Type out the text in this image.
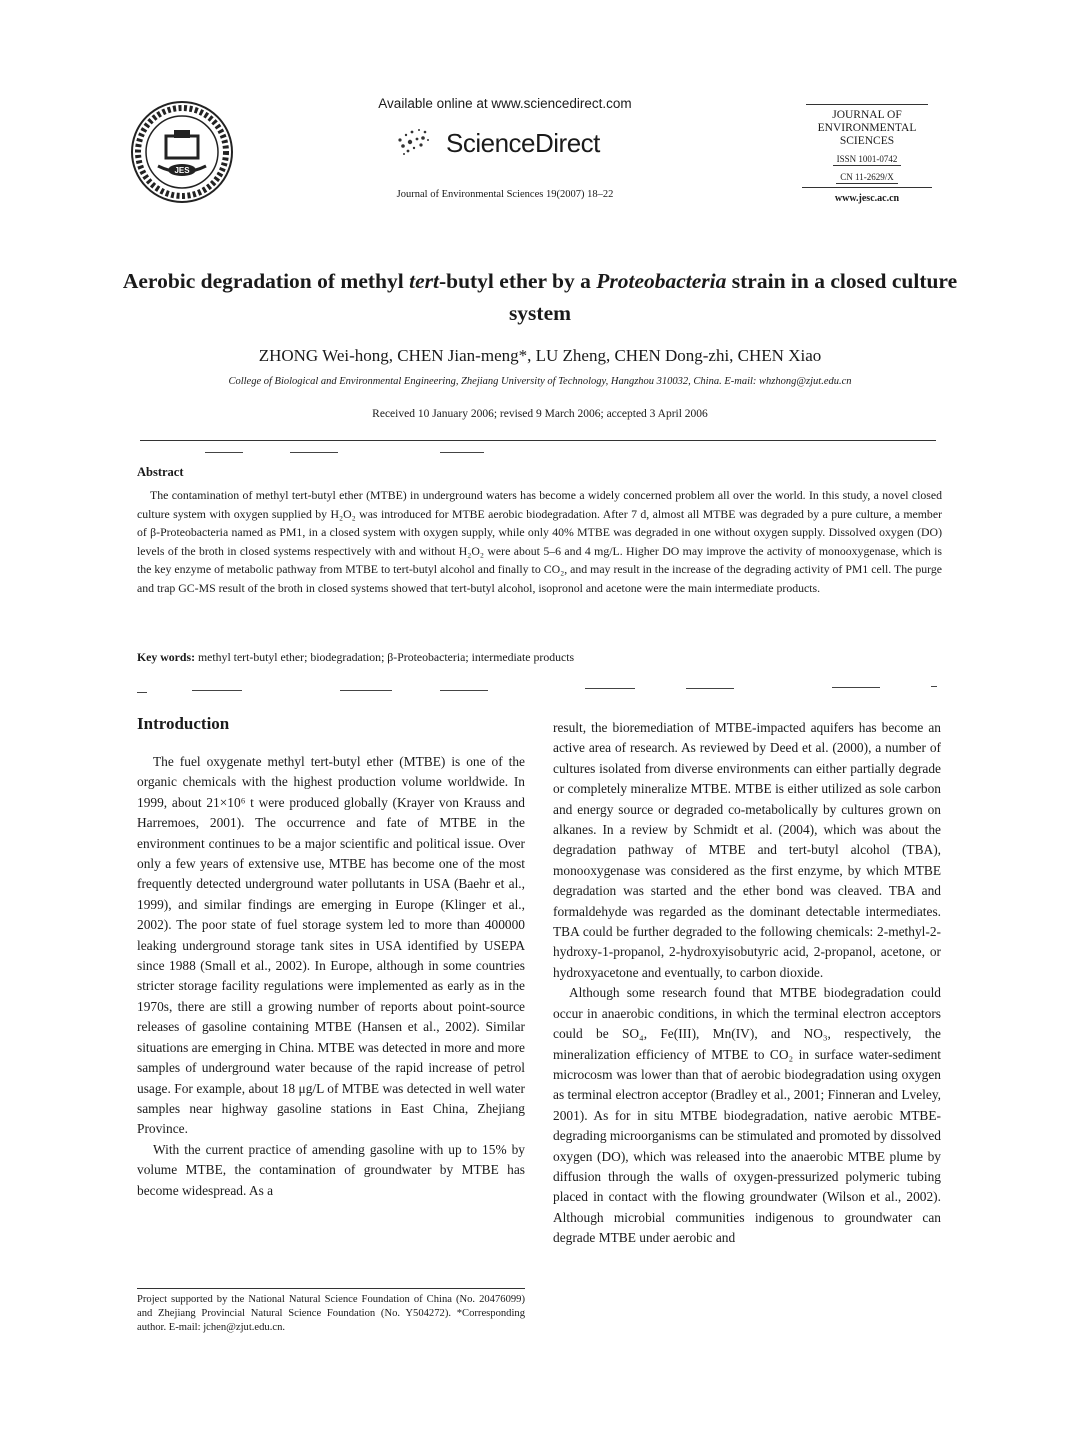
JES
Available online at www.sciencedirect.com
ScienceDirect
Journal of Environmental Sciences 19(2007) 18–22
JOURNAL OF
ENVIRONMENTAL
SCIENCES
ISSN 1001-0742
CN 11-2629/X
www.jesc.ac.cn
Aerobic degradation of methyl tert-butyl ether by a Proteobacteria strain in a closed culture system
ZHONG Wei-hong, CHEN Jian-meng*, LU Zheng, CHEN Dong-zhi, CHEN Xiao
College of Biological and Environmental Engineering, Zhejiang University of Technology, Hangzhou 310032, China. E-mail: whzhong@zjut.edu.cn
Received 10 January 2006; revised 9 March 2006; accepted 3 April 2006
Abstract
The contamination of methyl tert-butyl ether (MTBE) in underground waters has become a widely concerned problem all over the world. In this study, a novel closed culture system with oxygen supplied by H₂O₂ was introduced for MTBE aerobic biodegradation. After 7 d, almost all MTBE was degraded by a pure culture, a member of β-Proteobacteria named as PM1, in a closed system with oxygen supply, while only 40% MTBE was degraded in one without oxygen supply. Dissolved oxygen (DO) levels of the broth in closed systems respectively with and without H₂O₂ were about 5–6 and 4 mg/L. Higher DO may improve the activity of monooxygenase, which is the key enzyme of metabolic pathway from MTBE to tert-butyl alcohol and finally to CO₂, and may result in the increase of the degrading activity of PM1 cell. The purge and trap GC-MS result of the broth in closed systems showed that tert-butyl alcohol, isopronol and acetone were the main intermediate products.
Key words: methyl tert-butyl ether; biodegradation; β-Proteobacteria; intermediate products
Introduction

The fuel oxygenate methyl tert-butyl ether (MTBE) is one of the organic chemicals with the highest production volume worldwide. In 1999, about 21×10⁶ t were produced globally (Krayer von Krauss and Harremoes, 2001). The occurrence and fate of MTBE in the environment continues to be a major scientific and political issue. Over only a few years of extensive use, MTBE has become one of the most frequently detected underground water pollutants in USA (Baehr et al., 1999), and similar findings are emerging in Europe (Klinger et al., 2002). The poor state of fuel storage system led to more than 400000 leaking underground storage tank sites in USA identified by USEPA since 1988 (Small et al., 2002). In Europe, although in some countries stricter storage facility regulations were implemented as early as in the 1970s, there are still a growing number of reports about point-source releases of gasoline containing MTBE (Hansen et al., 2002). Similar situations are emerging in China. MTBE was detected in more and more samples of underground water because of the rapid increase of petrol usage. For example, about 18 μg/L of MTBE was detected in well water samples near highway gasoline stations in East China, Zhejiang Province.

With the current practice of amending gasoline with up to 15% by volume MTBE, the contamination of groundwater by MTBE has become widespread. As a

result, the bioremediation of MTBE-impacted aquifers has become an active area of research. As reviewed by Deed et al. (2000), a number of cultures isolated from diverse environments can either partially degrade or completely mineralize MTBE. MTBE is either utilized as sole carbon and energy source or degraded co-metabolically by cultures grown on alkanes. In a review by Schmidt et al. (2004), which was about the degradation pathway of MTBE and tert-butyl alcohol (TBA), monooxygenase was considered as the first enzyme, by which MTBE degradation was started and the ether bond was cleaved. TBA and formaldehyde was regarded as the dominant detectable intermediates. TBA could be further degraded to the following chemicals: 2-methyl-2-hydroxy-1-propanol, 2-hydroxyisobutyric acid, 2-propanol, acetone, or hydroxyacetone and eventually, to carbon dioxide.

Although some research found that MTBE biodegradation could occur in anaerobic conditions, in which the terminal electron acceptors could be SO₄, Fe(III), Mn(IV), and NO₃, respectively, the mineralization efficiency of MTBE to CO₂ in surface water-sediment microcosm was lower than that of aerobic biodegradation using oxygen as terminal electron acceptor (Bradley et al., 2001; Finneran and Lveley, 2001). As for in situ MTBE biodegradation, native aerobic MTBE-degrading microorganisms can be stimulated and promoted by dissolved oxygen (DO), which was released into the anaerobic MTBE plume by diffusion through the walls of oxygen-pressurized polymeric tubing placed in contact with the flowing groundwater (Wilson et al., 2002). Although microbial communities indigenous to groundwater can degrade MTBE under aerobic and

Project supported by the National Natural Science Foundation of China (No. 20476099) and Zhejiang Provincial Natural Science Foundation (No. Y504272). *Corresponding author. E-mail: jchen@zjut.edu.cn.
